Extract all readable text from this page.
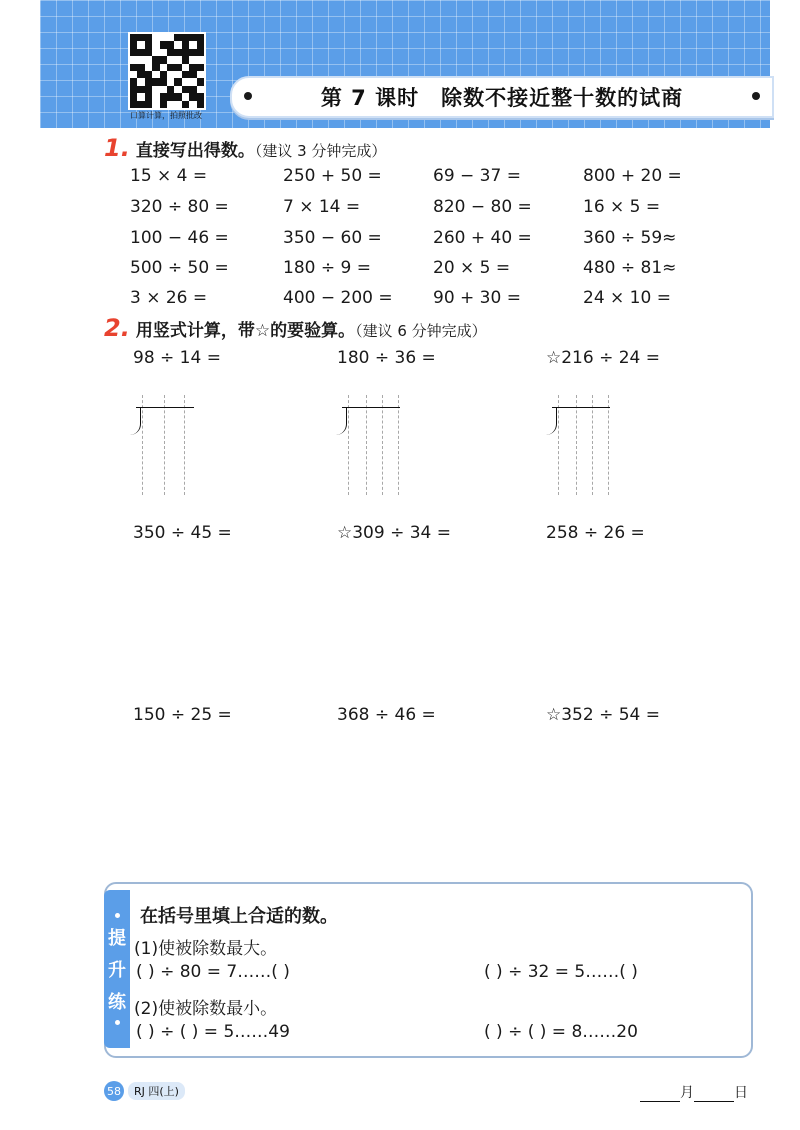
口算计算，拍照批改
第 7 课时 除数不接近整十数的试商
1. 直接写出得数。（建议 3 分钟完成）
15 × 4 =	250 + 50 =	69 − 37 =	800 + 20 =
320 ÷ 80 =	7 × 14 =	820 − 80 =	16 × 5 =
100 − 46 =	350 − 60 =	260 + 40 =	360 ÷ 59≈
500 ÷ 50 =	180 ÷ 9 =	20 × 5 =	480 ÷ 81≈
3 × 26 =	400 − 200 = 90 + 30 =	24 × 10 =
2. 用竖式计算，带☆的要验算。（建议 6 分钟完成）
98 ÷ 14 =	180 ÷ 36 =	☆216 ÷ 24 =
350 ÷ 45 =	☆309 ÷ 34 =	258 ÷ 26 =
150 ÷ 25 =	368 ÷ 46 =	☆352 ÷ 54 =
提
升
练
在括号里填上合适的数。
(1)使被除数最大。
( ) ÷ 80 = 7……( )	( ) ÷ 32 = 5……( )
(2)使被除数最小。
( ) ÷ ( ) = 5……49	( ) ÷ ( ) = 8……20
58	RJ 四(上)	月	日
